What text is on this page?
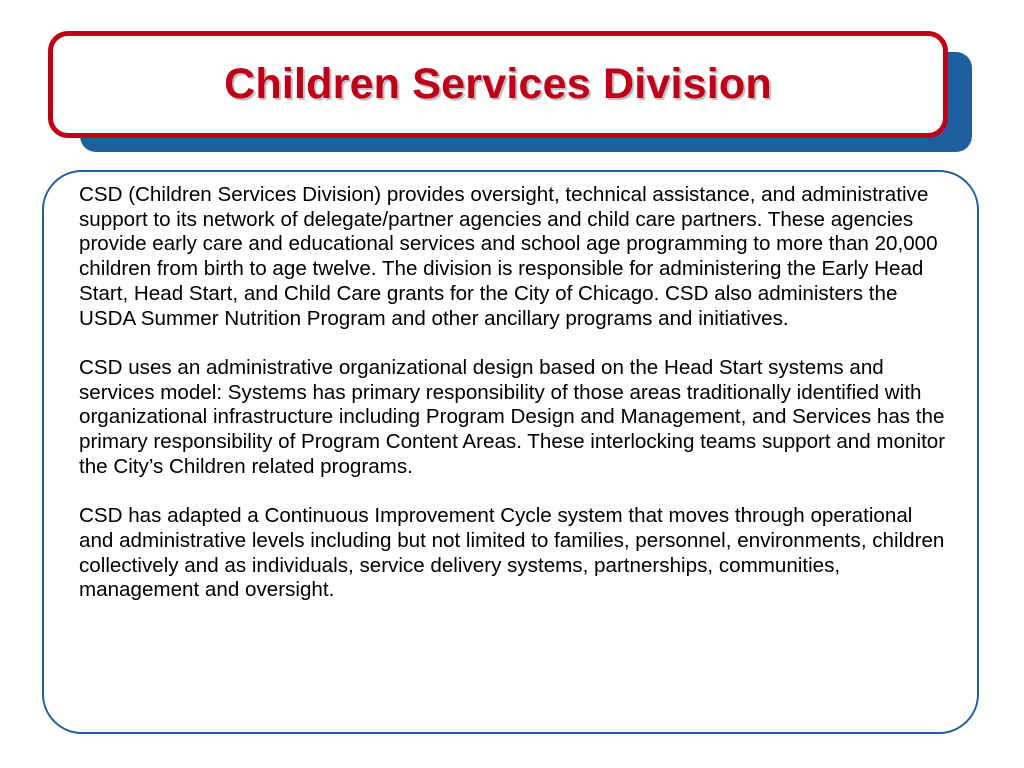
Children Services Division

CSD (Children Services Division) provides oversight, technical assistance, and administrative support to its network of delegate/partner agencies and child care partners. These agencies provide early care and educational services and school age programming to more than 20,000 children from birth to age twelve. The division is responsible for administering the Early Head Start, Head Start, and Child Care grants for the City of Chicago. CSD also administers the USDA Summer Nutrition Program and other ancillary programs and initiatives.

CSD uses an administrative organizational design based on the Head Start systems and services model: Systems has primary responsibility of those areas traditionally identified with organizational infrastructure including Program Design and Management, and Services has the primary responsibility of Program Content Areas. These interlocking teams support and monitor the City’s Children related programs.

CSD has adapted a Continuous Improvement Cycle system that moves through operational and administrative levels including but not limited to families, personnel, environments, children collectively and as individuals, service delivery systems, partnerships, communities, management and oversight.
